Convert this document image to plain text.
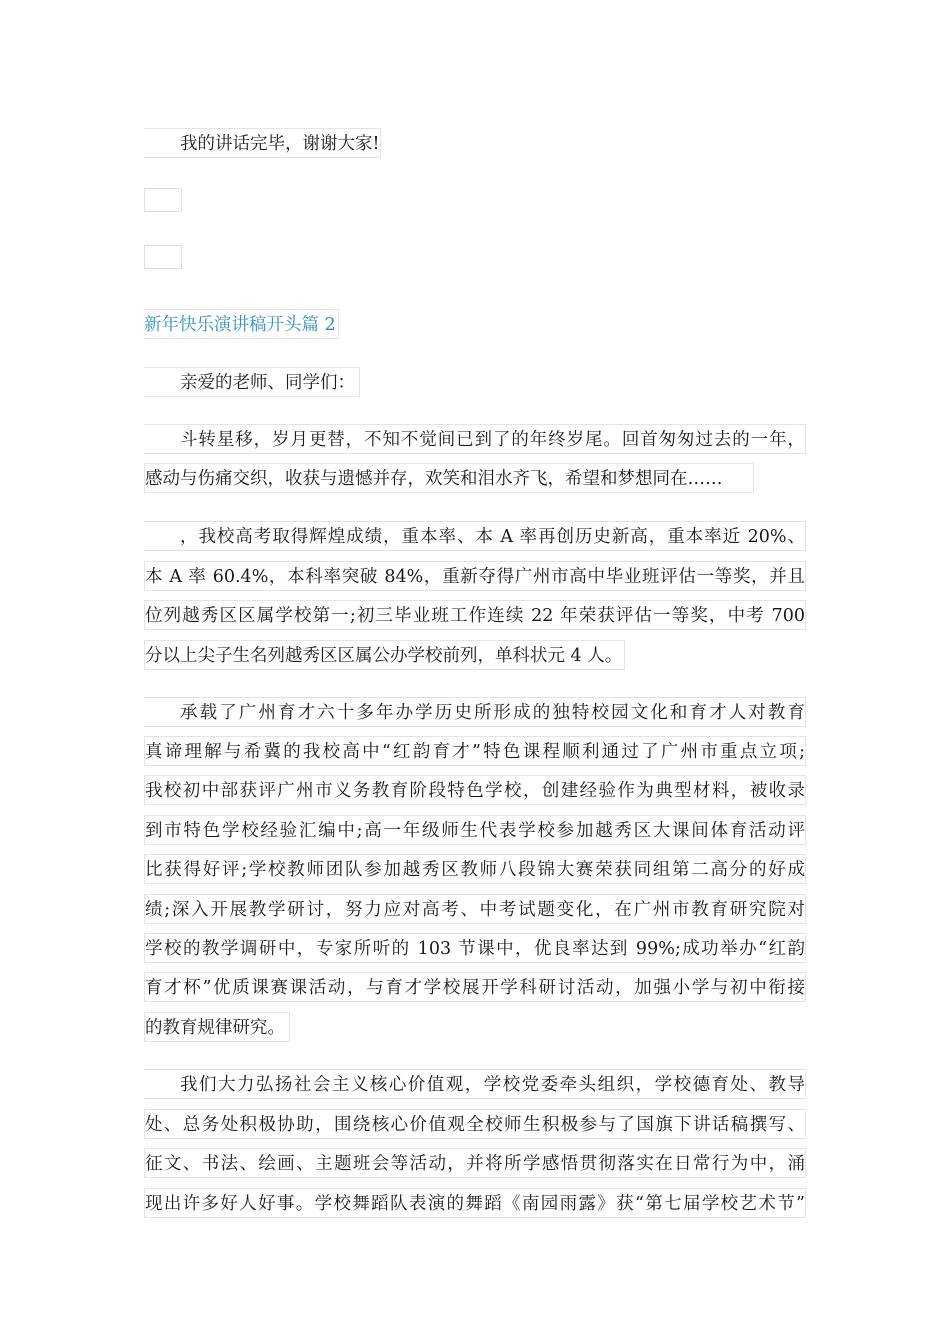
我的讲话完毕，谢谢大家!
新年快乐演讲稿开头篇 2
亲爱的老师、同学们：
斗转星移，岁月更替，不知不觉间已到了的年终岁尾。回首匆匆过去的一年，
感动与伤痛交织，收获与遗憾并存，欢笑和泪水齐飞，希望和梦想同在……
，我校高考取得辉煌成绩，重本率、本 A 率再创历史新高，重本率近 20%、
本 A 率 60.4%，本科率突破 84%，重新夺得广州市高中毕业班评估一等奖，并且
位列越秀区区属学校第一;初三毕业班工作连续 22 年荣获评估一等奖，中考 700
分以上尖子生名列越秀区区属公办学校前列，单科状元 4 人。
承载了广州育才六十多年办学历史所形成的独特校园文化和育才人对教育
真谛理解与希冀的我校高中“红韵育才”特色课程顺利通过了广州市重点立项;
我校初中部获评广州市义务教育阶段特色学校，创建经验作为典型材料，被收录
到市特色学校经验汇编中;高一年级师生代表学校参加越秀区大课间体育活动评
比获得好评;学校教师团队参加越秀区教师八段锦大赛荣获同组第二高分的好成
绩;深入开展教学研讨，努力应对高考、中考试题变化，在广州市教育研究院对
学校的教学调研中，专家所听的 103 节课中，优良率达到 99%;成功举办“红韵
育才杯”优质课赛课活动，与育才学校展开学科研讨活动，加强小学与初中衔接
的教育规律研究。
我们大力弘扬社会主义核心价值观，学校党委牵头组织，学校德育处、教导
处、总务处积极协助，围绕核心价值观全校师生积极参与了国旗下讲话稿撰写、
征文、书法、绘画、主题班会等活动，并将所学感悟贯彻落实在日常行为中，涌
现出许多好人好事。学校舞蹈队表演的舞蹈《南园雨露》获“第七届学校艺术节”
